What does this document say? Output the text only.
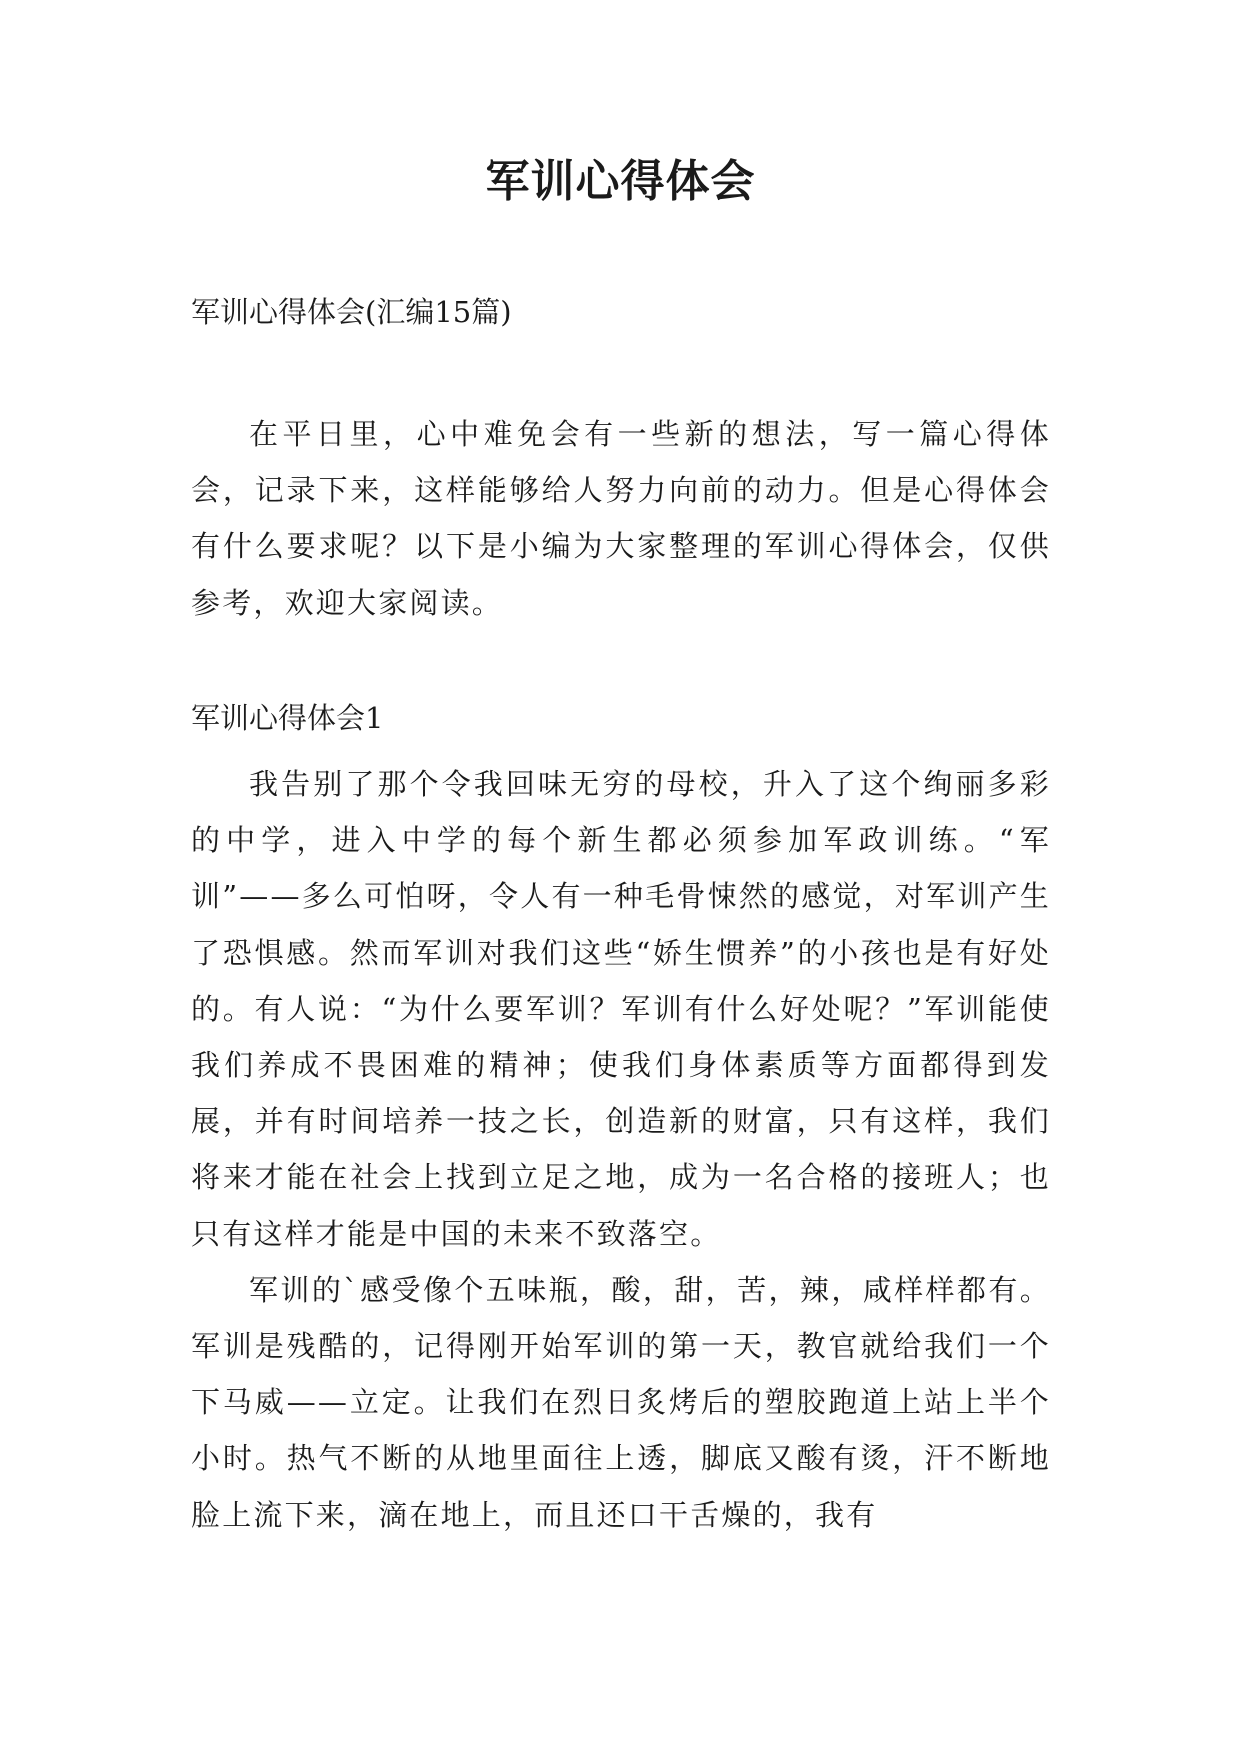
军训心得体会
军训心得体会(汇编15篇)

在平日里，心中难免会有一些新的想法，写一篇心得体会，记录下来，这样能够给人努力向前的动力。但是心得体会有什么要求呢？以下是小编为大家整理的军训心得体会，仅供参考，欢迎大家阅读。

军训心得体会1

我告别了那个令我回味无穷的母校，升入了这个绚丽多彩的中学，进入中学的每个新生都必须参加军政训练。“军训”——多么可怕呀，令人有一种毛骨悚然的感觉，对军训产生了恐惧感。然而军训对我们这些“娇生惯养”的小孩也是有好处的。有人说：“为什么要军训？军训有什么好处呢？”军训能使我们养成不畏困难的精神；使我们身体素质等方面都得到发展，并有时间培养一技之长，创造新的财富，只有这样，我们将来才能在社会上找到立足之地，成为一名合格的接班人；也只有这样才能是中国的未来不致落空。

军训的`感受像个五味瓶，酸，甜，苦，辣，咸样样都有。军训是残酷的，记得刚开始军训的第一天，教官就给我们一个下马威——立定。让我们在烈日炙烤后的塑胶跑道上站上半个小时。热气不断的从地里面往上透，脚底又酸有烫，汗不断地脸上流下来，滴在地上，而且还口干舌燥的，我有
